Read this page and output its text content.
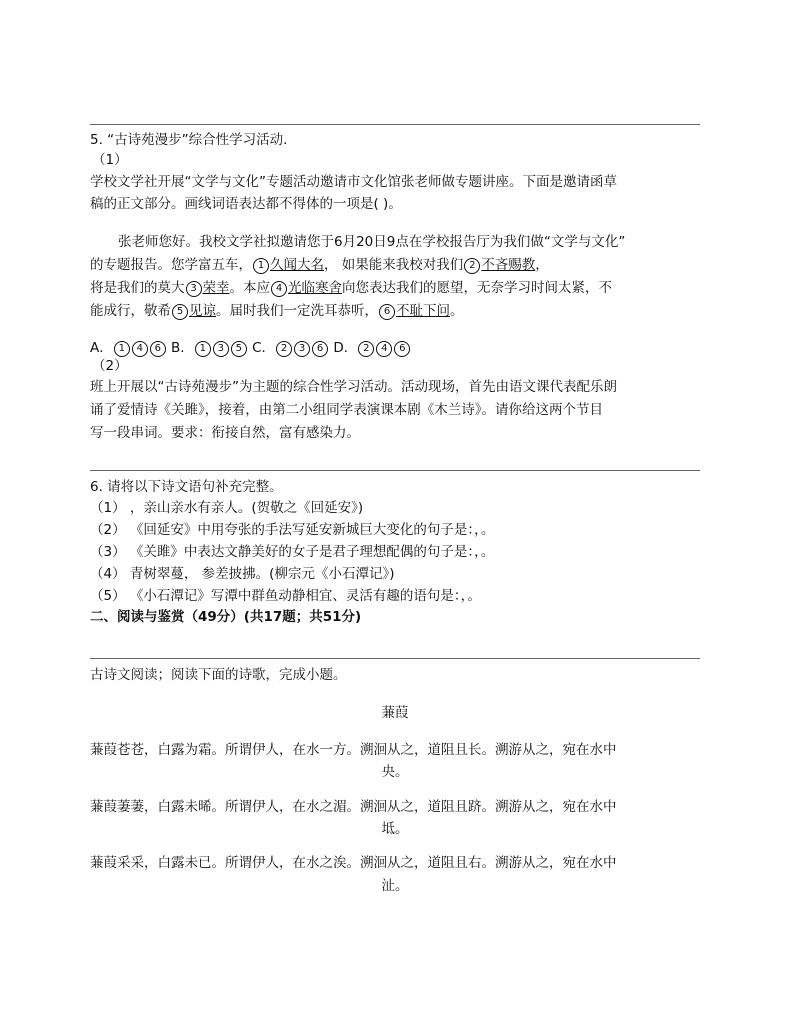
5. “古诗苑漫步”综合性学习活动.
（1）
学校文学社开展“文学与文化”专题活动邀请市文化馆张老师做专题讲座。下面是邀请函草
稿的正文部分。画线词语表达都不得体的一项是( )。
张老师您好。我校文学社拟邀请您于6月20日9点在学校报告厅为我们做“文学与文化”
的专题报告。您学富五车， 1 久闻大名， 如果能来我校对我们 2 不吝赐教，
将是我们的莫大 3 荣幸。本应 4 光临寒舍向您表达我们的愿望，无奈学习时间太紧，不
能成行，敬希 5 见谅。届时我们一定洗耳恭听， 6 不耻下问。
A． 1 4 6 B． 1 3 5 C． 2 3 6 D． 2 4 6
（2）
班上开展以“古诗苑漫步”为主题的综合性学习活动。活动现场，首先由语文课代表配乐朗
诵了爱情诗《关雎》，接着，由第二小组同学表演课本剧《木兰诗》。请你给这两个节目
写一段串词。要求：衔接自然，富有感染力。
6. 请将以下诗文语句补充完整。
（1） ，亲山亲水有亲人。(贺敬之《回延安》)
（2） 《回延安》中用夸张的手法写延安新城巨大变化的句子是：，。
（3） 《关雎》中表达文静美好的女子是君子理想配偶的句子是：，。
（4） 青树翠蔓， 参差披拂。(柳宗元《小石潭记》)
（5） 《小石潭记》写潭中群鱼动静相宜、灵活有趣的语句是：，。
二、阅读与鉴赏（49分）(共17题；共51分)
古诗文阅读；阅读下面的诗歌，完成小题。
蒹葭
蒹葭苍苍，白露为霜。所谓伊人，在水一方。溯洄从之，道阻且长。溯游从之，宛在水中
央。
蒹葭萋萋，白露未晞。所谓伊人，在水之湄。溯洄从之，道阻且跻。溯游从之，宛在水中
坻。
蒹葭采采，白露未已。所谓伊人，在水之涘。溯洄从之，道阻且右。溯游从之，宛在水中
沚。
